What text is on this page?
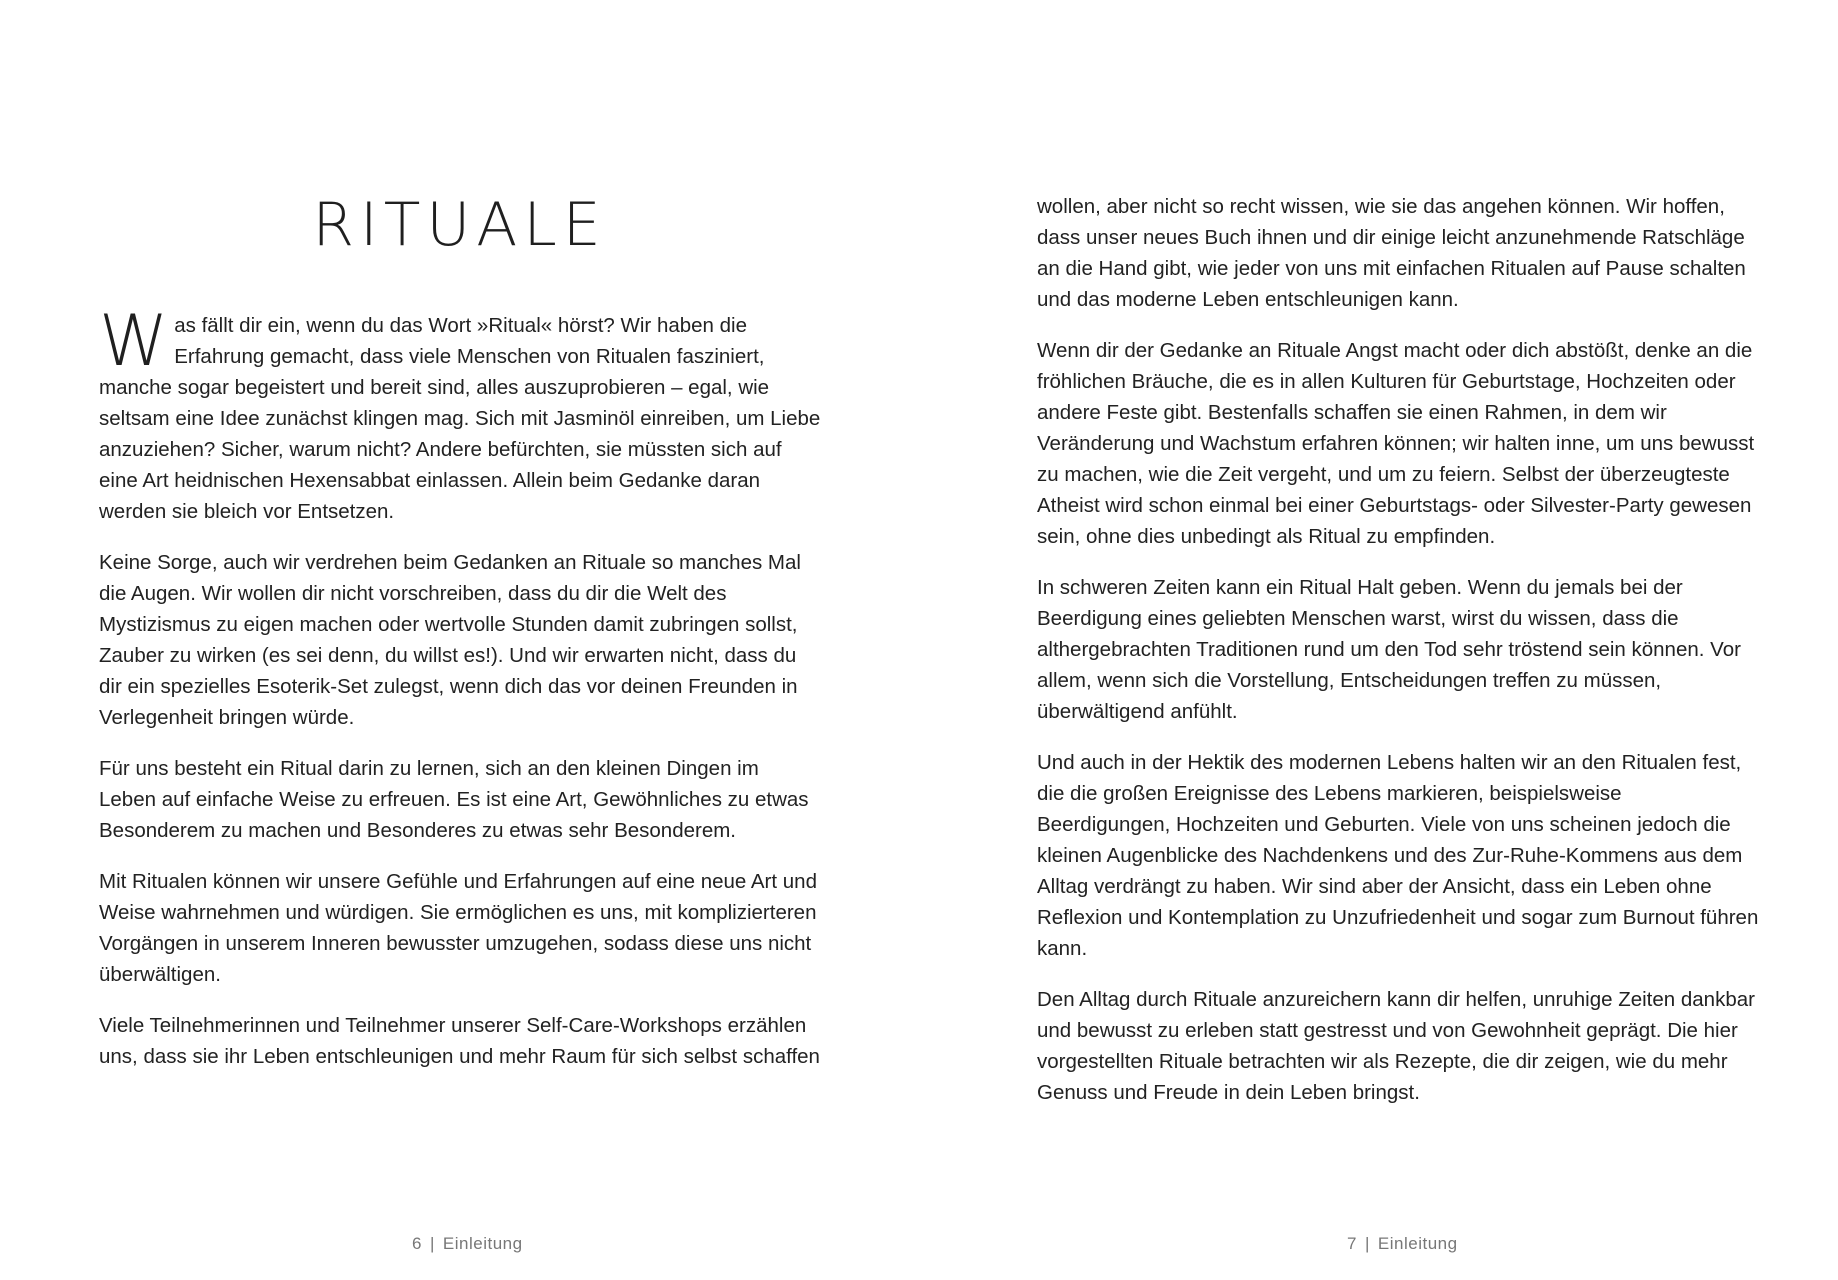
RITUALE

Was fällt dir ein, wenn du das Wort »Ritual« hörst? Wir haben die Erfahrung gemacht, dass viele Menschen von Ritualen fasziniert, manche sogar begeistert und bereit sind, alles auszuprobieren – egal, wie seltsam eine Idee zunächst klingen mag. Sich mit Jasminöl einreiben, um Liebe anzuziehen? Sicher, warum nicht? Andere befürchten, sie müssten sich auf eine Art heidnischen Hexensabbat einlassen. Allein beim Gedanke daran werden sie bleich vor Entsetzen.

Keine Sorge, auch wir verdrehen beim Gedanken an Rituale so manches Mal die Augen. Wir wollen dir nicht vorschreiben, dass du dir die Welt des Mystizismus zu eigen machen oder wertvolle Stunden damit zubringen sollst, Zauber zu wirken (es sei denn, du willst es!). Und wir erwarten nicht, dass du dir ein spezielles Esoterik-Set zulegst, wenn dich das vor deinen Freunden in Verlegenheit bringen würde.

Für uns besteht ein Ritual darin zu lernen, sich an den kleinen Dingen im Leben auf einfache Weise zu erfreuen. Es ist eine Art, Gewöhnliches zu etwas Besonderem zu machen und Besonderes zu etwas sehr Besonderem.

Mit Ritualen können wir unsere Gefühle und Erfahrungen auf eine neue Art und Weise wahrnehmen und würdigen. Sie ermöglichen es uns, mit komplizierteren Vorgängen in unserem Inneren bewusster umzugehen, sodass diese uns nicht überwältigen.

Viele Teilnehmerinnen und Teilnehmer unserer Self-Care-Workshops erzählen uns, dass sie ihr Leben entschleunigen und mehr Raum für sich selbst schaffen

6 | Einleitung

wollen, aber nicht so recht wissen, wie sie das angehen können. Wir hoffen, dass unser neues Buch ihnen und dir einige leicht anzunehmende Ratschläge an die Hand gibt, wie jeder von uns mit einfachen Ritualen auf Pause schalten und das moderne Leben entschleunigen kann.

Wenn dir der Gedanke an Rituale Angst macht oder dich abstößt, denke an die fröhlichen Bräuche, die es in allen Kulturen für Geburtstage, Hochzeiten oder andere Feste gibt. Bestenfalls schaffen sie einen Rahmen, in dem wir Veränderung und Wachstum erfahren können; wir halten inne, um uns bewusst zu machen, wie die Zeit vergeht, und um zu feiern. Selbst der überzeugteste Atheist wird schon einmal bei einer Geburtstags- oder Silvester-Party gewesen sein, ohne dies unbedingt als Ritual zu empfinden.

In schweren Zeiten kann ein Ritual Halt geben. Wenn du jemals bei der Beerdigung eines geliebten Menschen warst, wirst du wissen, dass die althergebrachten Traditionen rund um den Tod sehr tröstend sein können. Vor allem, wenn sich die Vorstellung, Entscheidungen treffen zu müssen, überwältigend anfühlt.

Und auch in der Hektik des modernen Lebens halten wir an den Ritualen fest, die die großen Ereignisse des Lebens markieren, beispielsweise Beerdigungen, Hochzeiten und Geburten. Viele von uns scheinen jedoch die kleinen Augenblicke des Nachdenkens und des Zur-Ruhe-Kommens aus dem Alltag verdrängt zu haben. Wir sind aber der Ansicht, dass ein Leben ohne Reflexion und Kontemplation zu Unzufriedenheit und sogar zum Burnout führen kann.

Den Alltag durch Rituale anzureichern kann dir helfen, unruhige Zeiten dankbar und bewusst zu erleben statt gestresst und von Gewohnheit geprägt. Die hier vorgestellten Rituale betrachten wir als Rezepte, die dir zeigen, wie du mehr Genuss und Freude in dein Leben bringst.

7 | Einleitung
